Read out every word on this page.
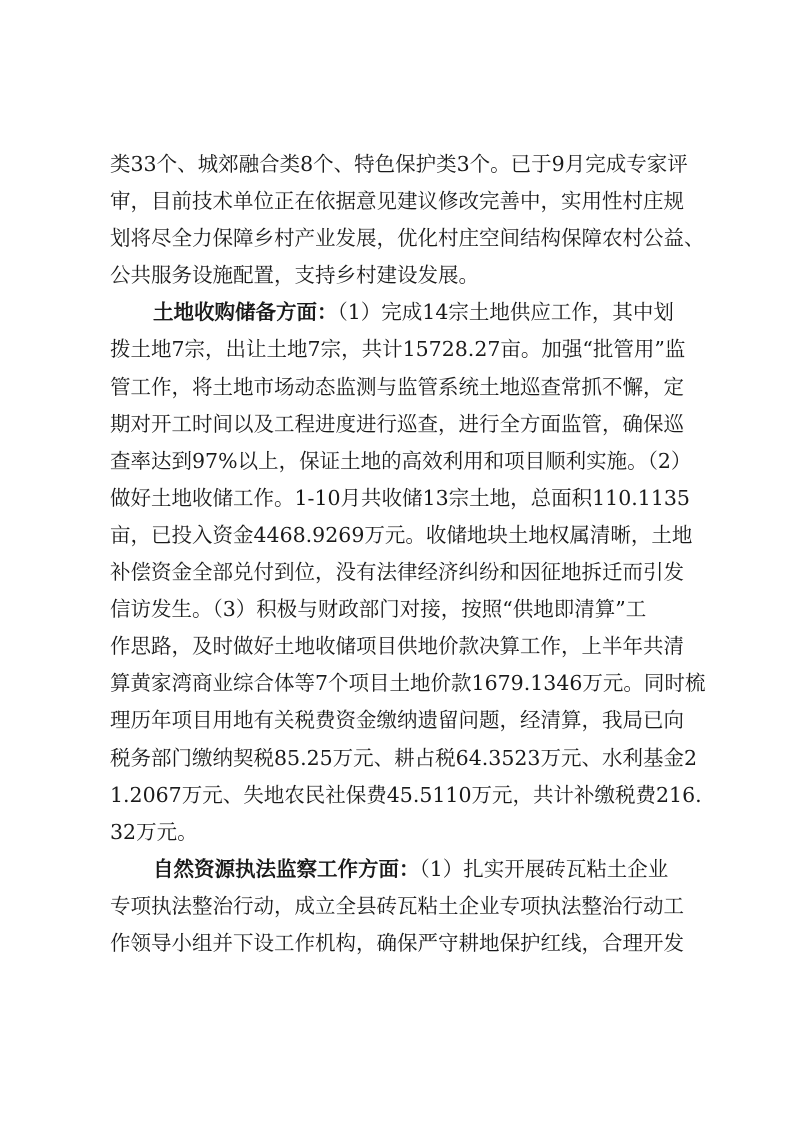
类33个、城郊融合类8个、特色保护类3个。已于9月完成专家评
审，目前技术单位正在依据意见建议修改完善中，实用性村庄规
划将尽全力保障乡村产业发展，优化村庄空间结构保障农村公益、
公共服务设施配置，支持乡村建设发展。
土地收购储备方面：（1）完成14宗土地供应工作，其中划
拨土地7宗，出让土地7宗，共计15728.27亩。加强“批管用”监
管工作，将土地市场动态监测与监管系统土地巡查常抓不懈，定
期对开工时间以及工程进度进行巡查，进行全方面监管，确保巡
查率达到97%以上，保证土地的高效利用和项目顺利实施。（2）
做好土地收储工作。1-10月共收储13宗土地，总面积110.1135
亩，已投入资金4468.9269万元。收储地块土地权属清晰，土地
补偿资金全部兑付到位，没有法律经济纠纷和因征地拆迁而引发
信访发生。（3）积极与财政部门对接，按照“供地即清算”工
作思路，及时做好土地收储项目供地价款决算工作，上半年共清
算黄家湾商业综合体等7个项目土地价款1679.1346万元。同时梳
理历年项目用地有关税费资金缴纳遗留问题，经清算，我局已向
税务部门缴纳契税85.25万元、耕占税64.3523万元、水利基金2
1.2067万元、失地农民社保费45.5110万元，共计补缴税费216.
32万元。
自然资源执法监察工作方面：（1）扎实开展砖瓦粘土企业
专项执法整治行动，成立全县砖瓦粘土企业专项执法整治行动工
作领导小组并下设工作机构，确保严守耕地保护红线，合理开发
